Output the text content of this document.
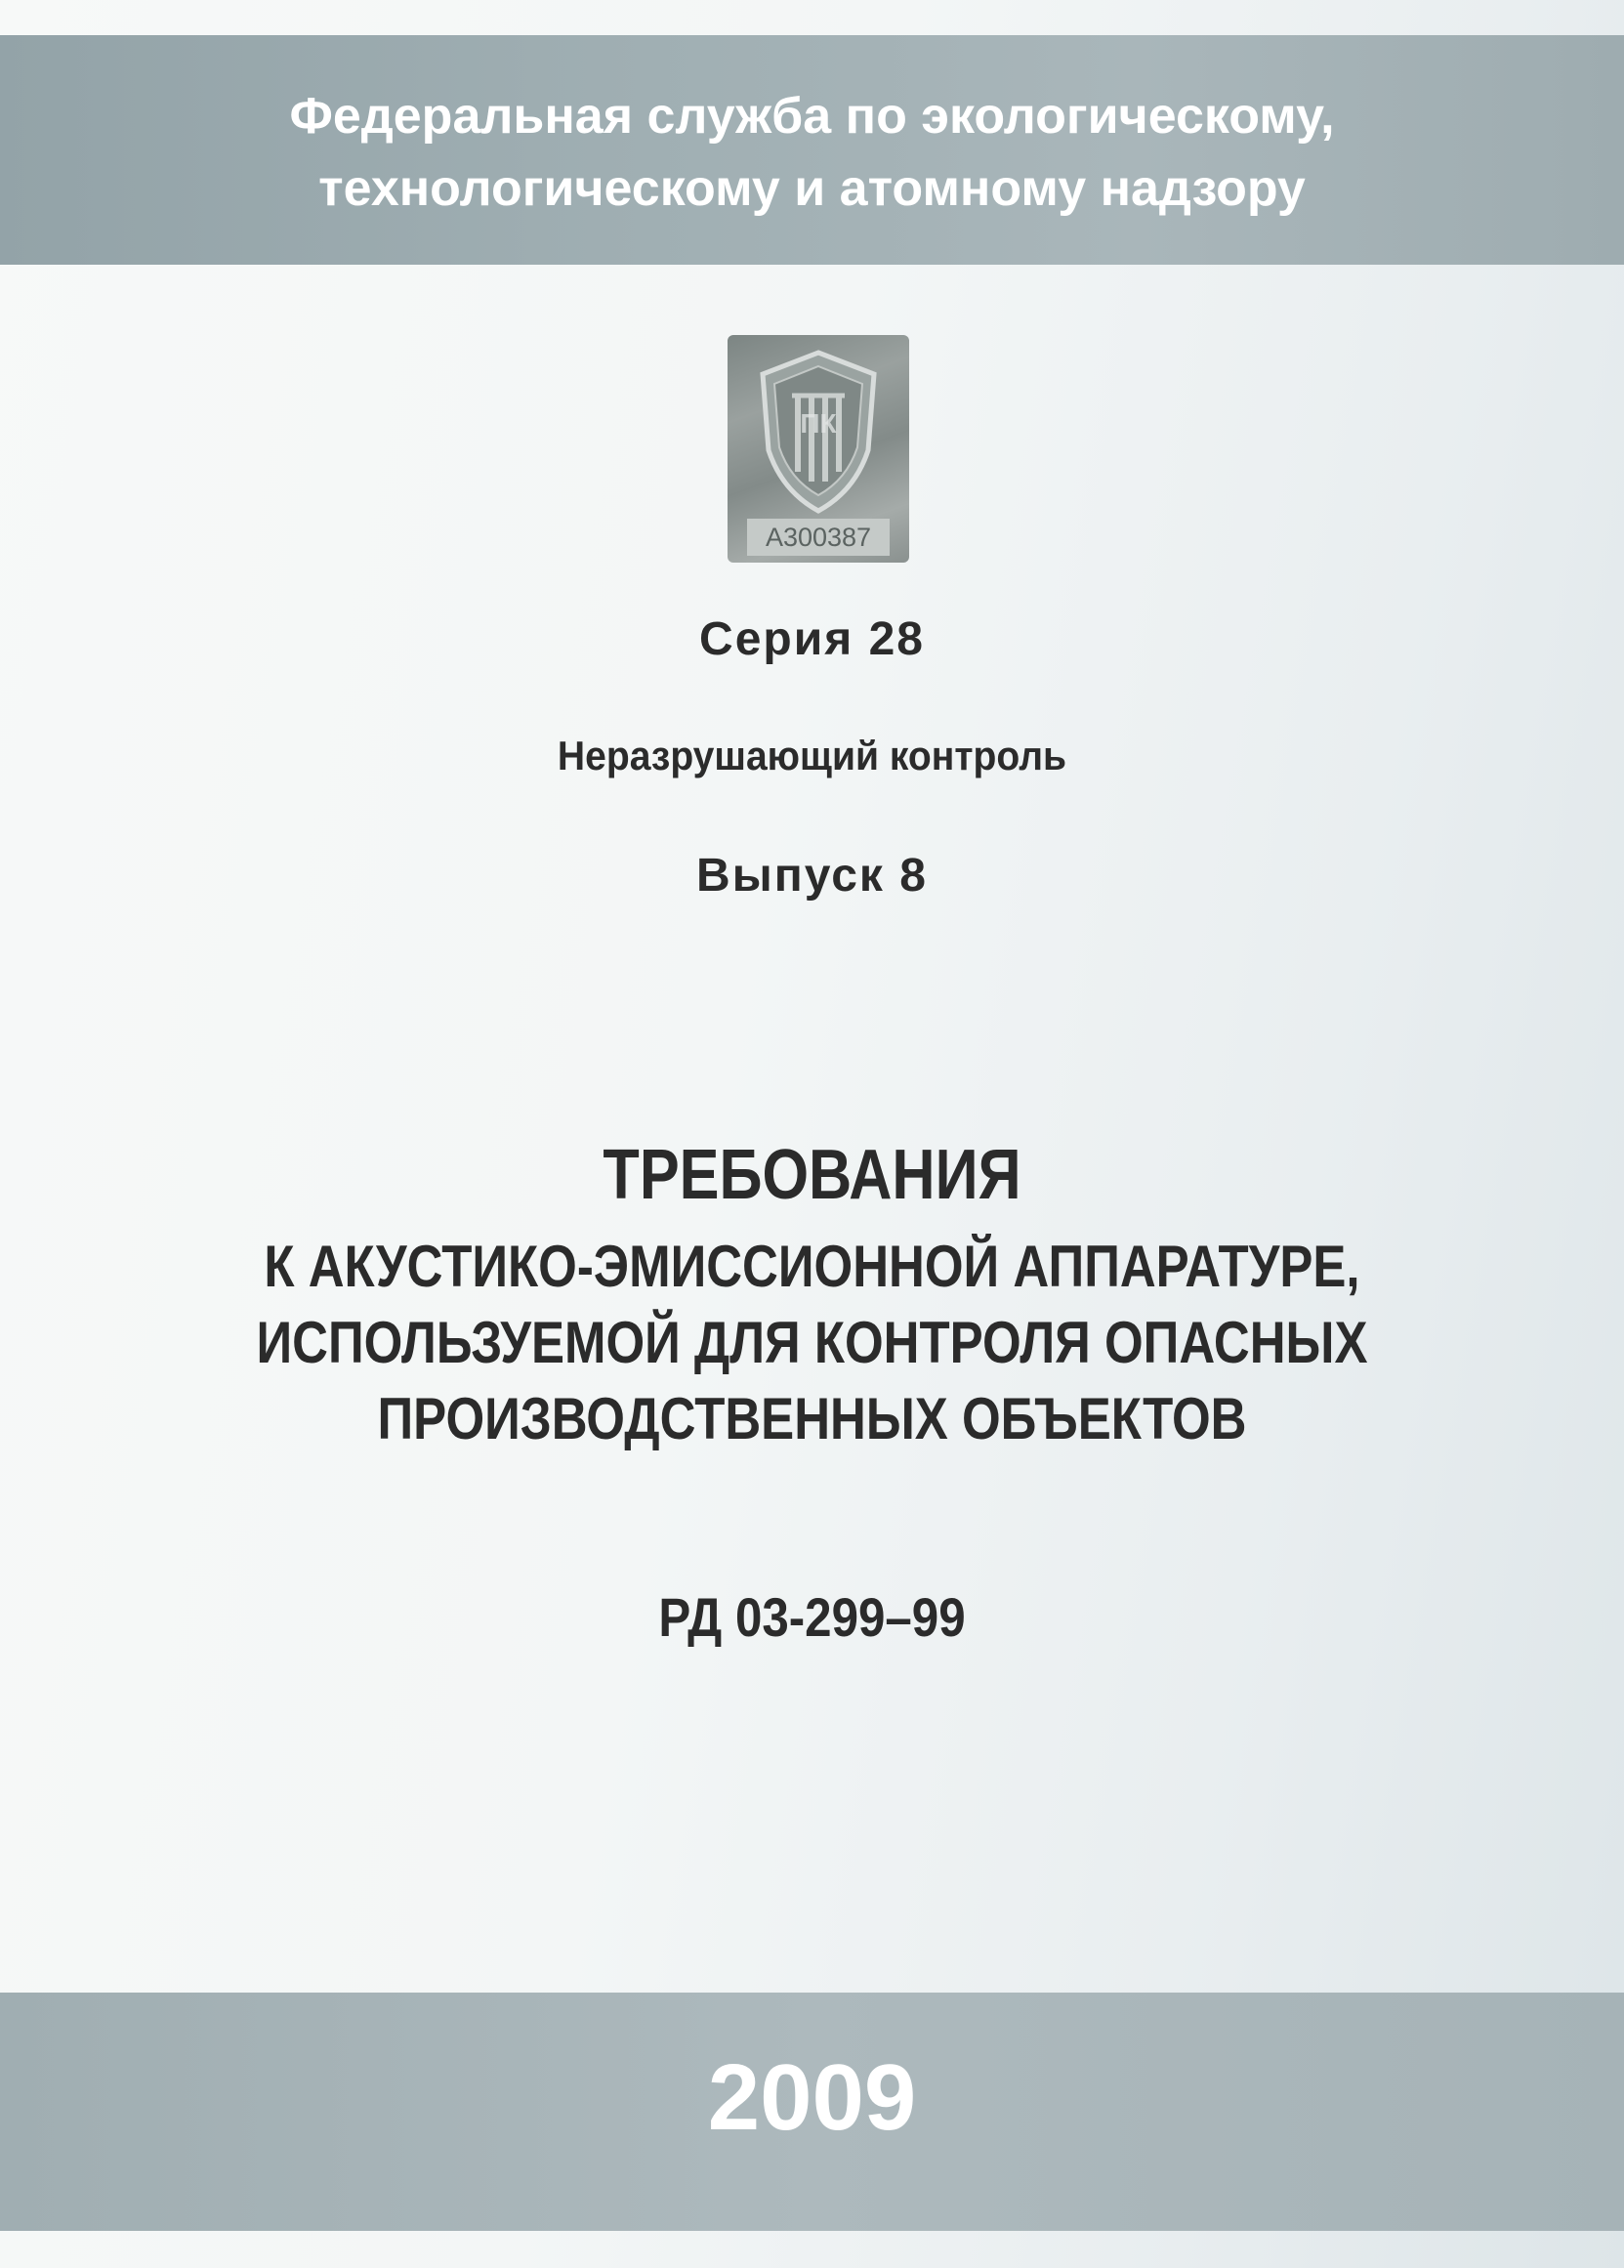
Федеральная служба по экологическому,
технологическому и атомному надзору
ПК
А300387
Серия 28
Неразрушающий контроль
Выпуск 8
ТРЕБОВАНИЯ
К АКУСТИКО-ЭМИССИОННОЙ АППАРАТУРЕ,
ИСПОЛЬЗУЕМОЙ ДЛЯ КОНТРОЛЯ ОПАСНЫХ
ПРОИЗВОДСТВЕННЫХ ОБЪЕКТОВ
РД 03-299–99
2009
